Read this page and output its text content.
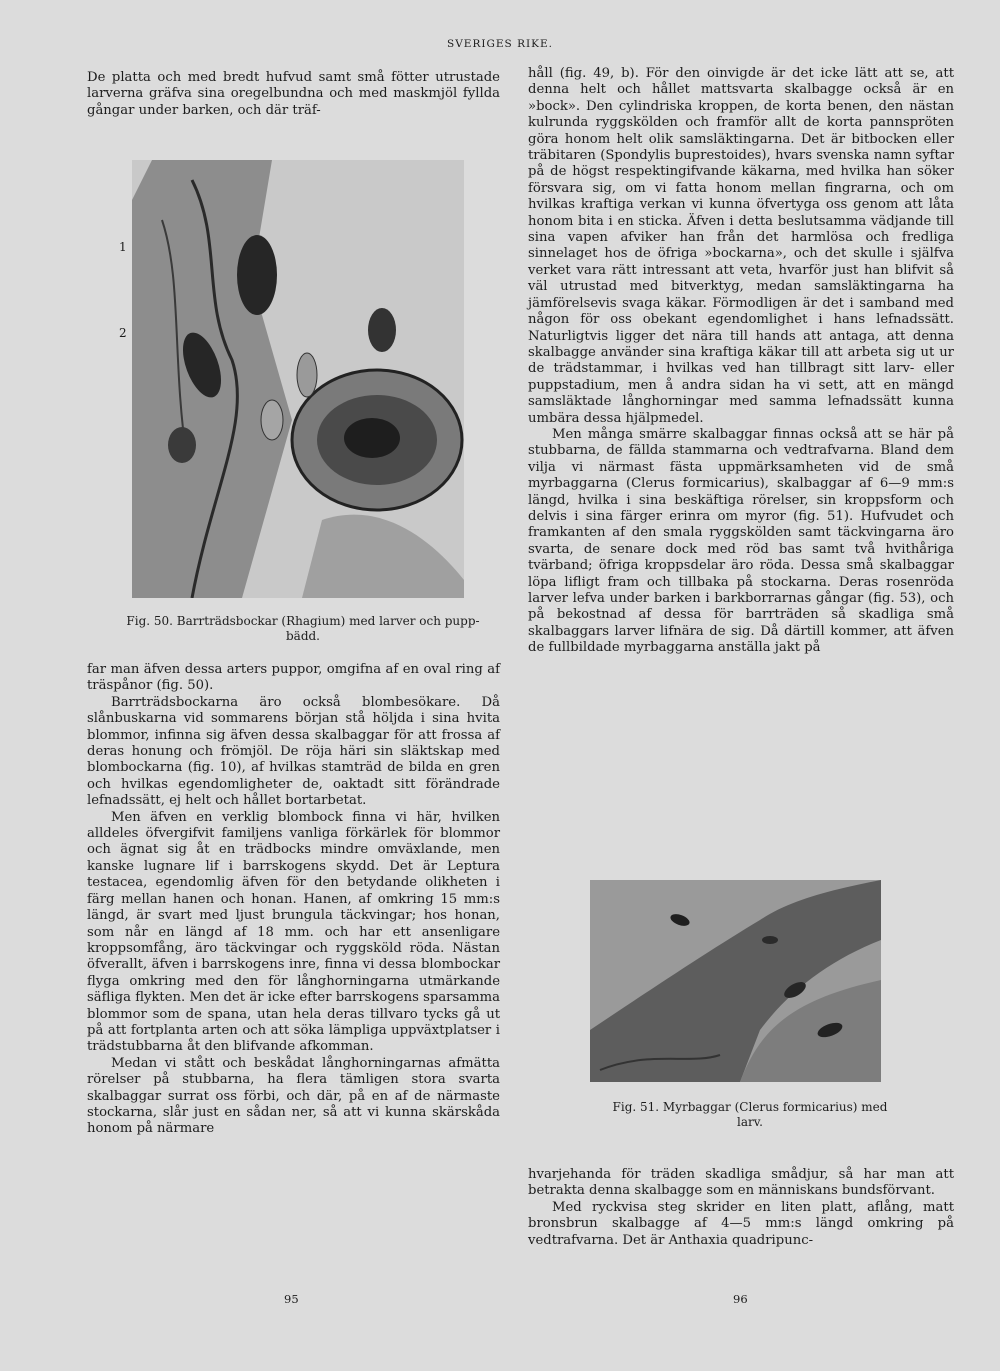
SVERIGES RIKE.

De platta och med bredt hufvud samt små fötter utrustade larverna gräfva sina oregelbundna och med maskmjöl fyllda gångar under barken, och där träf-

1
2
Fig. 50. Barrträdsbockar (Rhagium) med larver och pupp-bädd.

far man äfven dessa arters puppor, omgifna af en oval ring af träspånor (fig. 50).

Barrträdsbockarna äro också blombesökare. Då slånbuskarna vid sommarens början stå höljda i sina hvita blommor, infinna sig äfven dessa skalbaggar för att frossa af deras honung och frömjöl. De röja häri sin släktskap med blombockarna (fig. 10), af hvilkas stamträd de bilda en gren och hvilkas egendomligheter de, oaktadt sitt förändrade lefnadssätt, ej helt och hållet bortarbetat.

Men äfven en verklig blombock finna vi här, hvilken alldeles öfvergifvit familjens vanliga förkärlek för blommor och ägnat sig åt en trädbocks mindre omväxlande, men kanske lugnare lif i barrskogens skydd. Det är Leptura testacea, egendomlig äfven för den betydande olikheten i färg mellan hanen och honan. Hanen, af omkring 15 mm:s längd, är svart med ljust brungula täckvingar; hos honan, som når en längd af 18 mm. och har ett ansenligare kroppsomfång, äro täckvingar och ryggsköld röda. Nästan öfverallt, äfven i barrskogens inre, finna vi dessa blombockar flyga omkring med den för långhorningarna utmärkande säfliga flykten. Men det är icke efter barrskogens sparsamma blommor som de spana, utan hela deras tillvaro tycks gå ut på att fortplanta arten och att söka lämpliga uppväxtplatser i trädstubbarna åt den blifvande afkomman.

Medan vi stått och beskådat långhorningarnas afmätta rörelser på stubbarna, ha flera tämligen stora svarta skalbaggar surrat oss förbi, och där, på en af de närmaste stockarna, slår just en sådan ner, så att vi kunna skärskåda honom på närmare

håll (fig. 49, b). För den oinvigde är det icke lätt att se, att denna helt och hållet mattsvarta skalbagge också är en »bock». Den cylindriska kroppen, de korta benen, den nästan kulrunda ryggskölden och framför allt de korta pannspröten göra honom helt olik samsläktingarna. Det är bitbocken eller träbitaren (Spondylis buprestoides), hvars svenska namn syftar på de högst respektingifvande käkarna, med hvilka han söker försvara sig, om vi fatta honom mellan fingrarna, och om hvilkas kraftiga verkan vi kunna öfvertyga oss genom att låta honom bita i en sticka. Äfven i detta beslutsamma vädjande till sina vapen afviker han från det harmlösa och fredliga sinnelaget hos de öfriga »bockarna», och det skulle i själfva verket vara rätt intressant att veta, hvarför just han blifvit så väl utrustad med bitverktyg, medan samsläktingarna ha jämförelsevis svaga käkar. Förmodligen är det i samband med någon för oss obekant egendomlighet i hans lefnadssätt. Naturligtvis ligger det nära till hands att antaga, att denna skalbagge använder sina kraftiga käkar till att arbeta sig ut ur de trädstammar, i hvilkas ved han tillbragt sitt larv- eller puppstadium, men å andra sidan ha vi sett, att en mängd samsläktade långhorningar med samma lefnadssätt kunna umbära dessa hjälpmedel.

Men många smärre skalbaggar finnas också att se här på stubbarna, de fällda stammarna och vedtrafvarna. Bland dem vilja vi närmast fästa uppmärksamheten vid de små myrbaggarna (Clerus formicarius), skalbaggar af 6—9 mm:s längd, hvilka i sina beskäftiga rörelser, sin kroppsform och delvis i sina färger erinra om myror (fig. 51). Hufvudet och framkanten af den smala ryggskölden samt täckvingarna äro svarta, de senare dock med röd bas samt två hvithåriga tvärband; öfriga kroppsdelar äro röda. Dessa små skalbaggar löpa lifligt fram och tillbaka på stockarna. Deras rosenröda larver lefva under barken i barkborrarnas gångar (fig. 53), och på bekostnad af dessa för barrträden så skadliga små skalbaggars larver lifnära de sig. Då därtill kommer, att äfven de fullbildade myrbaggarna anställa jakt på

Fig. 51. Myrbaggar (Clerus formicarius) med larv.

hvarjehanda för träden skadliga smådjur, så har man att betrakta denna skalbagge som en människans bundsförvant.

Med ryckvisa steg skrider en liten platt, aflång, matt bronsbrun skalbagge af 4—5 mm:s längd omkring på vedtrafvarna. Det är Anthaxia quadripunc-

95	96
